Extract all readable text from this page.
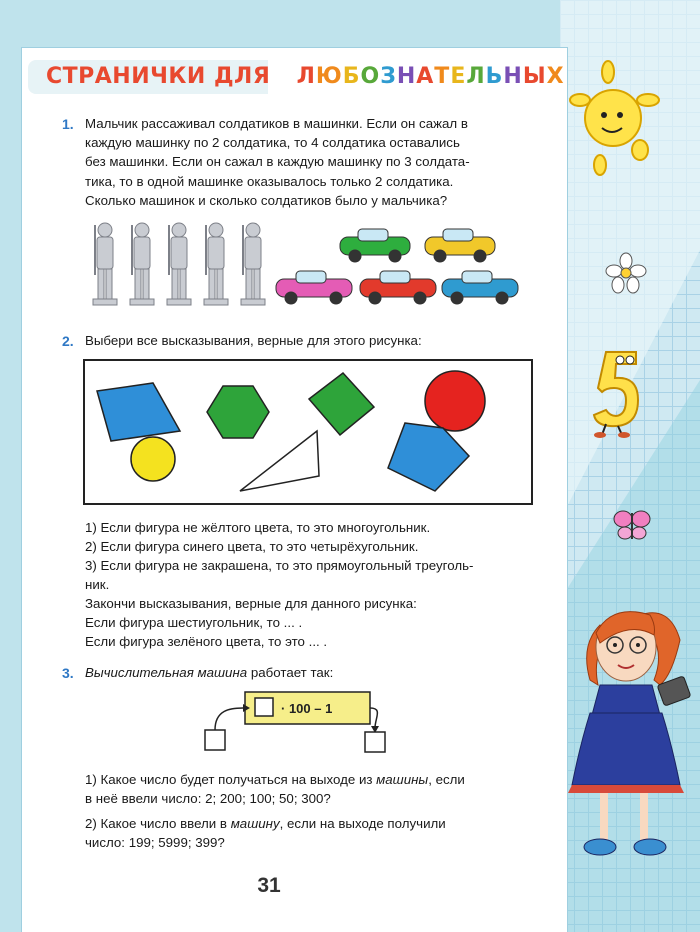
СТРАНИЧКИ ДЛЯ ЛЮБОЗНАТЕЛЬНЫХ
1. Мальчик рассаживал солдатиков в машинки. Если он сажал в
каждую машинку по 2 солдатика, то 4 солдатика оставались
без машинки. Если он сажал в каждую машинку по 3 солдата-
тика, то в одной машинке оказывалось только 2 солдатика.
Сколько машинок и сколько солдатиков было у мальчика?
2. Выбери все высказывания, верные для этого рисунка:
1) Если фигура не жёлтого цвета, то это многоугольник.
2) Если фигура синего цвета, то это четырёхугольник.
3) Если фигура не закрашена, то это прямоугольный треуголь-
ник.
Закончи высказывания, верные для данного рисунка:
Если фигура шестиугольник, то ... .
Если фигура зелёного цвета, то это ... .
3. Вычислительная машина работает так:
· 100 – 1
1) Какое число будет получаться на выходе из машины, если
в неё ввели число: 2; 200; 100; 50; 300?
2) Какое число ввели в машину, если на выходе получили
число: 199; 5999; 399?
31
